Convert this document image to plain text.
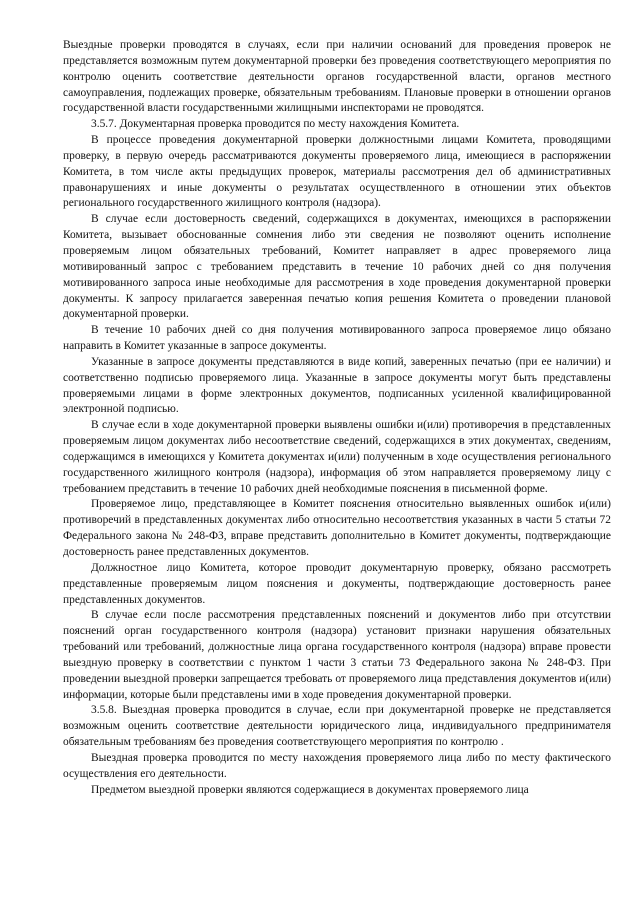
Выездные проверки проводятся в случаях, если при наличии оснований для проведения проверок не представляется возможным путем документарной проверки без проведения соответствующего мероприятия по контролю оценить соответствие деятельности органов государственной власти, органов местного самоуправления, подлежащих проверке, обязательным требованиям. Плановые проверки в отношении органов государственной власти государственными жилищными инспекторами не проводятся.

3.5.7. Документарная проверка проводится по месту нахождения Комитета.

В процессе проведения документарной проверки должностными лицами Комитета, проводящими проверку, в первую очередь рассматриваются документы проверяемого лица, имеющиеся в распоряжении Комитета, в том числе акты предыдущих проверок, материалы рассмотрения дел об административных правонарушениях и иные документы о результатах осуществленного в отношении этих объектов регионального государственного жилищного контроля (надзора).

В случае если достоверность сведений, содержащихся в документах, имеющихся в распоряжении Комитета, вызывает обоснованные сомнения либо эти сведения не позволяют оценить исполнение проверяемым лицом обязательных требований, Комитет направляет в адрес проверяемого лица мотивированный запрос с требованием представить в течение 10 рабочих дней со дня получения мотивированного запроса иные необходимые для рассмотрения в ходе проведения документарной проверки документы. К запросу прилагается заверенная печатью копия решения Комитета о проведении плановой документарной проверки.

В течение 10 рабочих дней со дня получения мотивированного запроса проверяемое лицо обязано направить в Комитет указанные в запросе документы.

Указанные в запросе документы представляются в виде копий, заверенных печатью (при ее наличии) и соответственно подписью проверяемого лица. Указанные в запросе документы могут быть представлены проверяемыми лицами в форме электронных документов, подписанных усиленной квалифицированной электронной подписью.

В случае если в ходе документарной проверки выявлены ошибки и(или) противоречия в представленных проверяемым лицом документах либо несоответствие сведений, содержащихся в этих документах, сведениям, содержащимся в имеющихся у Комитета документах и(или) полученным в ходе осуществления регионального государственного жилищного контроля (надзора), информация об этом направляется проверяемому лицу с требованием представить в течение 10 рабочих дней необходимые пояснения в письменной форме.

Проверяемое лицо, представляющее в Комитет пояснения относительно выявленных ошибок и(или) противоречий в представленных документах либо относительно несоответствия указанных в части 5 статьи 72 Федерального закона № 248-ФЗ, вправе представить дополнительно в Комитет документы, подтверждающие достоверность ранее представленных документов.

Должностное лицо Комитета, которое проводит документарную проверку, обязано рассмотреть представленные проверяемым лицом пояснения и документы, подтверждающие достоверность ранее представленных документов.

В случае если после рассмотрения представленных пояснений и документов либо при отсутствии пояснений орган государственного контроля (надзора) установит признаки нарушения обязательных требований или требований, должностные лица органа государственного контроля (надзора) вправе провести выездную проверку в соответствии с пунктом 1 части 3 статьи 73 Федерального закона № 248-ФЗ. При проведении выездной проверки запрещается требовать от проверяемого лица представления документов и(или) информации, которые были представлены ими в ходе проведения документарной проверки.

3.5.8. Выездная проверка проводится в случае, если при документарной проверке не представляется возможным оценить соответствие деятельности юридического лица, индивидуального предпринимателя обязательным требованиям без проведения соответствующего мероприятия по контролю .

Выездная проверка проводится по месту нахождения проверяемого лица либо по месту фактического осуществления его деятельности.

Предметом выездной проверки являются содержащиеся в документах проверяемого лица
